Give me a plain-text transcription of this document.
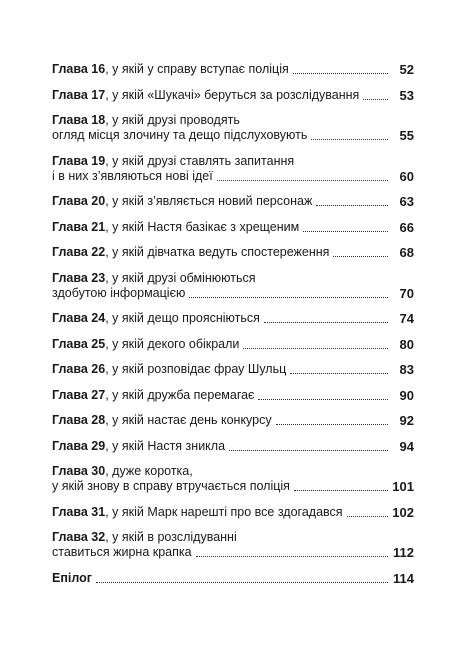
Глава 16, у якій у справу вступає поліція	52
Глава 17, у якій «Шукачі» беруться за розслідування	53
Глава 18, у якій друзі проводять
огляд місця злочину та дещо підслуховують	55
Глава 19, у якій друзі ставлять запитання
і в них з’являються нові ідеї	60
Глава 20, у якій з’являється новий персонаж	63
Глава 21, у якій Настя базікає з хрещеним	66
Глава 22, у якій дівчатка ведуть спостереження	68
Глава 23, у якій друзі обмінюються
здобутою інформацією	70
Глава 24, у якій дещо проясніються	74
Глава 25, у якій декого обікрали	80
Глава 26, у якій розповідає фрау Шульц	83
Глава 27, у якій дружба перемагає	90
Глава 28, у якій настає день конкурсу	92
Глава 29, у якій Настя зникла	94
Глава 30, дуже коротка,
у якій знову в справу втручається поліція	101
Глава 31, у якій Марк нарешті про все здогадався	102
Глава 32, у якій в розслідуванні
ставиться жирна крапка	112
Епілог	114
